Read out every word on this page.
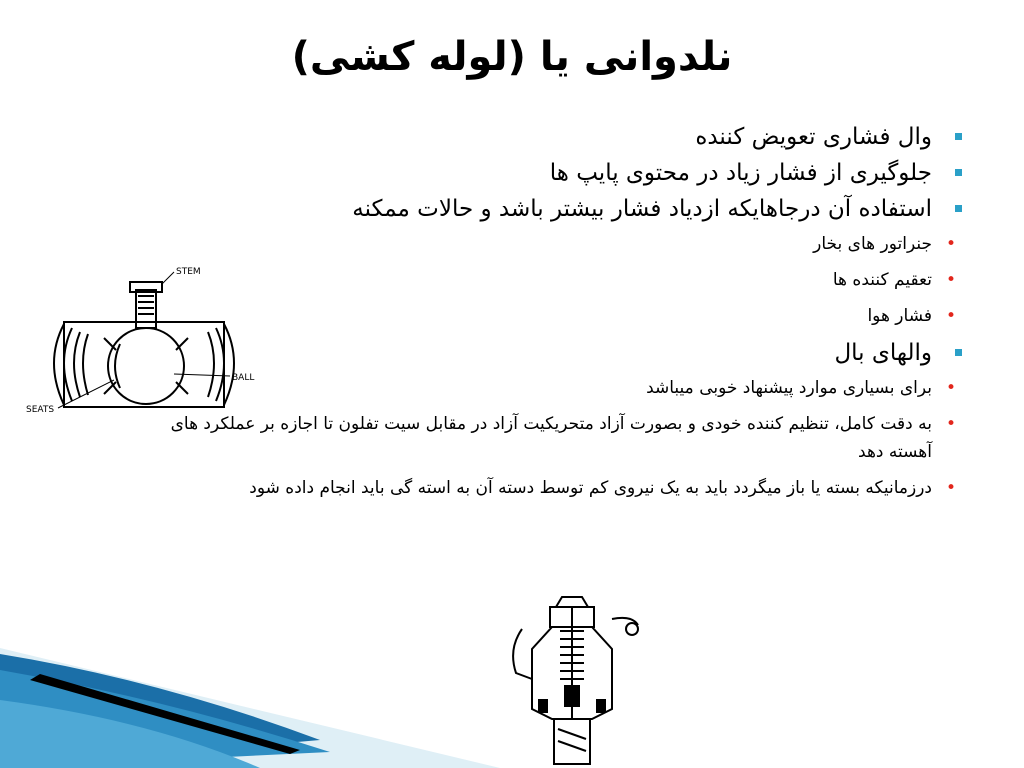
نلدوانی یا (لوله کشی)
وال فشاری تعویض کننده
جلوگیری از فشار زیاد در محتوی پایپ ها
استفاده آن درجاهایکه ازدیاد فشار بیشتر باشد و حالات ممکنه
•
جنراتور های بخار
•
تعقیم کننده ها
•
فشار هوا
والهای بال
•
برای بسیاری موارد پیشنهاد خوبی میباشد
•
به دقت کامل، تنظیم کننده خودی و بصورت آزاد متحریکیت آزاد در مقابل سیت تفلون تا اجازه بر عملکرد های آهسته دهد
•
درزمانیکه بسته یا باز میگردد باید به یک نیروی کم توسط دسته آن به استه گی باید انجام داده شود
STEM
BALL
SEATS
